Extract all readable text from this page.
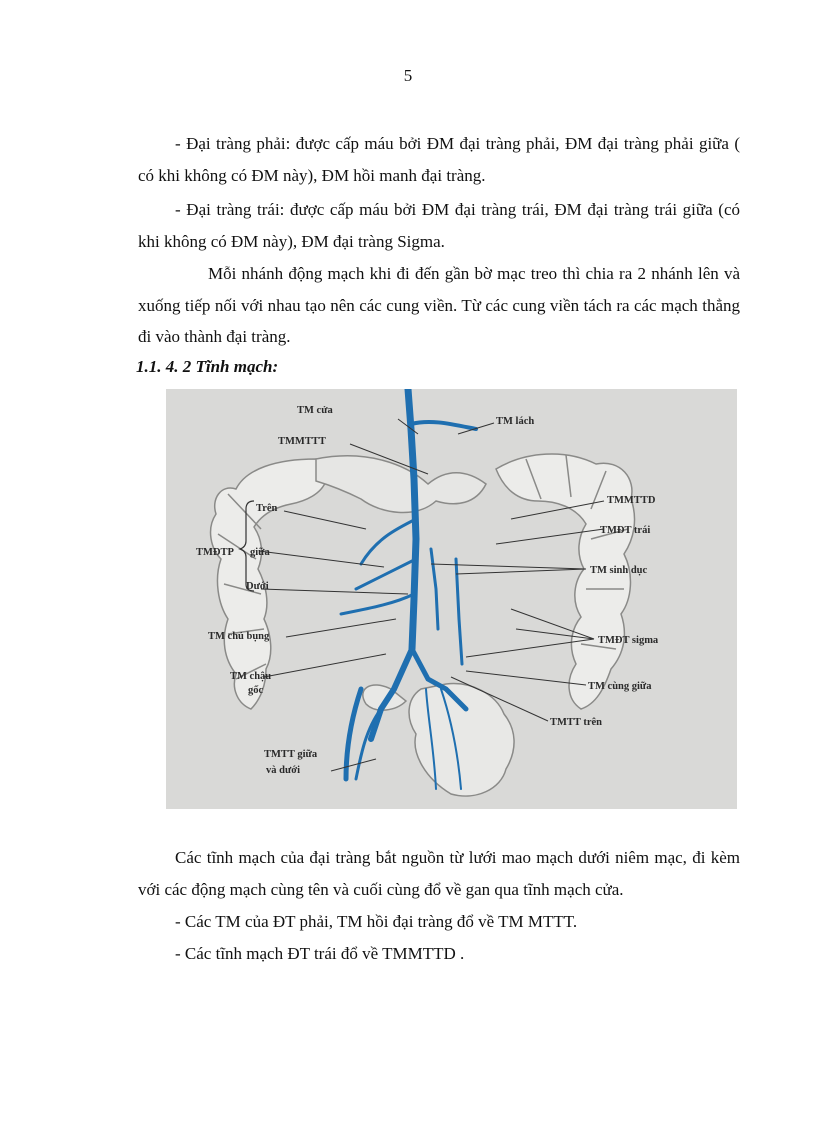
5

- Đại tràng phải: được cấp máu bởi ĐM đại tràng phải, ĐM đại tràng phải giữa ( có khi không có ĐM này), ĐM hồi manh đại tràng.

- Đại tràng trái: được cấp máu bởi ĐM đại tràng trái, ĐM đại tràng trái giữa (có khi không có ĐM này), ĐM đại tràng Sigma.

Mỗi nhánh động mạch khi đi đến gần bờ mạc treo thì chia ra 2 nhánh lên và xuống tiếp nối với nhau tạo nên các cung viền. Từ các cung viền tách ra các mạch thẳng đi vào thành đại tràng.

1.1. 4. 2 Tĩnh mạch:

TM cửa
TM lách
TMMTTT
TMMTTD
Trên
TMĐT trái
TMĐTP giữa
TM sinh dục
Dưới
TM chủ bụng	TMĐT sigma
TM chậu
gốc	TM cùng giữa
TMTT trên
TMTT giữa
và dưới

Các tĩnh mạch của đại tràng bắt nguồn từ lưới mao mạch dưới niêm mạc, đi kèm với các động mạch cùng tên và cuối cùng đổ về gan qua tĩnh mạch cửa.

- Các TM của ĐT phải, TM hồi đại tràng đổ về TM MTTT.

- Các tĩnh mạch ĐT trái đổ về TMMTTD .
